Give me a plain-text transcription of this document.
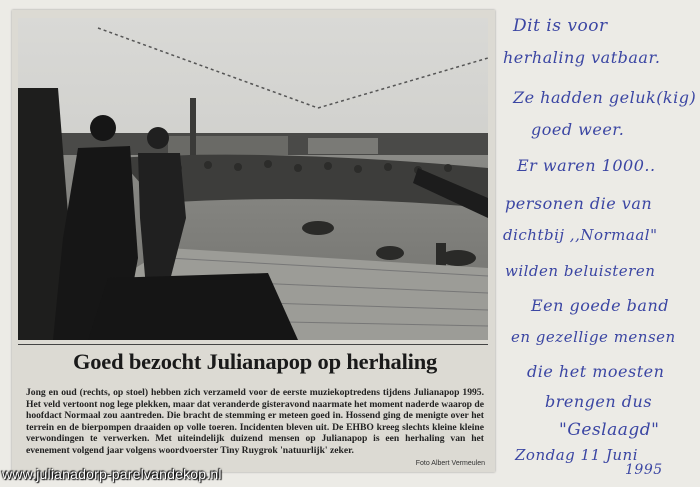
Goed bezocht Julianapop op herhaling
Jong en oud (rechts, op stoel) hebben zich verzameld voor de eerste muziekoptredens tijdens Julianapop 1995. Het veld vertoont nog lege plekken, maar dat veranderde gisteravond naarmate het moment naderde waarop de hoofdact Normaal zou aantreden. Die bracht de stemming er meteen goed in. Hossend ging de menigte over het terrein en de bierpompen draaiden op volle toeren. Incidenten bleven uit. De EHBO kreeg slechts kleine kleine verwondingen te verwerken. Met uiteindelijk duizend mensen op Julianapop is een herhaling van het evenement volgend jaar volgens woordvoerster Tiny Ruygrok 'natuurlijk' zeker.
Foto Albert Vermeulen
Dit is voor
herhaling vatbaar.
Ze hadden geluk(kig)
goed weer.
Er waren 1000..
personen die van
dichtbij ,,Normaal"
wilden beluisteren
Een goede band
en gezellige mensen
die het moesten
brengen dus
"Geslaagd"
Zondag 11 Juni
1995
www.julianadorp-parelvandekop.nl
